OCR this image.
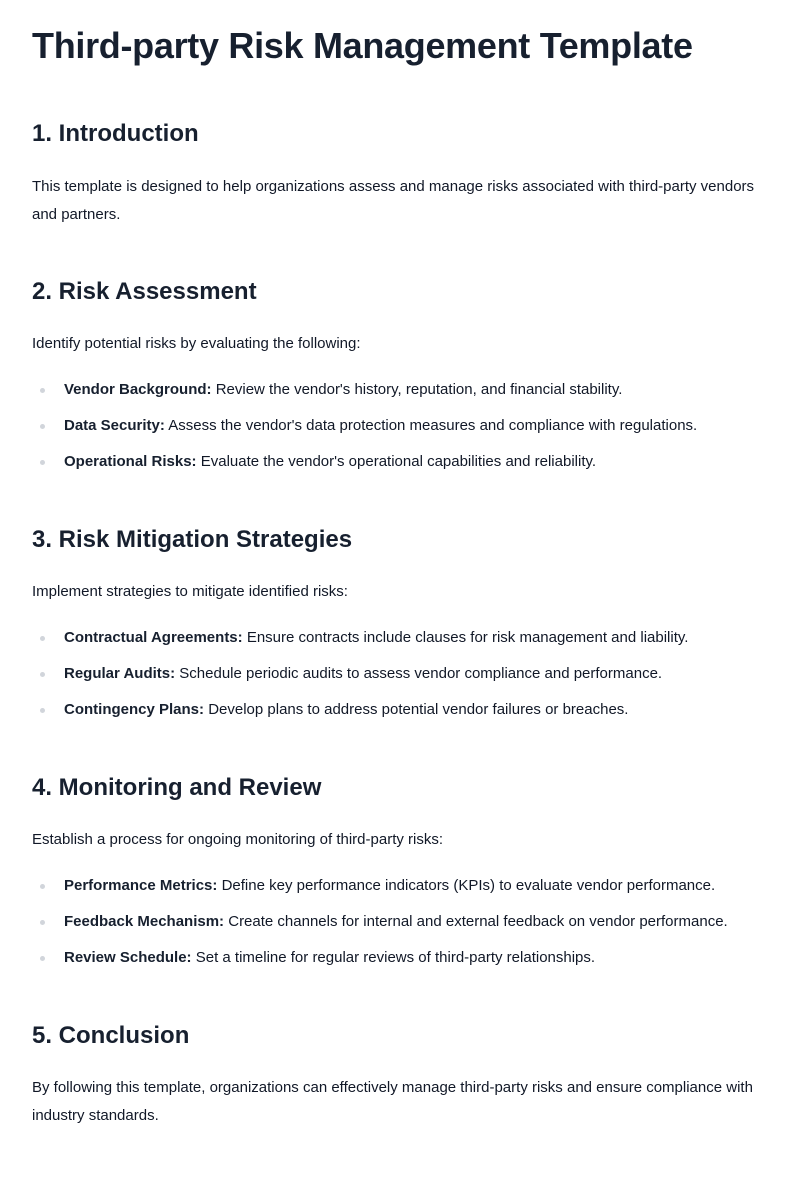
Third-party Risk Management Template
1. Introduction

This template is designed to help organizations assess and manage risks associated with third-party vendors and partners.

2. Risk Assessment

Identify potential risks by evaluating the following:

Vendor Background: Review the vendor's history, reputation, and financial stability.
Data Security: Assess the vendor's data protection measures and compliance with regulations.
Operational Risks: Evaluate the vendor's operational capabilities and reliability.
3. Risk Mitigation Strategies

Implement strategies to mitigate identified risks:

Contractual Agreements: Ensure contracts include clauses for risk management and liability.
Regular Audits: Schedule periodic audits to assess vendor compliance and performance.
Contingency Plans: Develop plans to address potential vendor failures or breaches.
4. Monitoring and Review

Establish a process for ongoing monitoring of third-party risks:

Performance Metrics: Define key performance indicators (KPIs) to evaluate vendor performance.
Feedback Mechanism: Create channels for internal and external feedback on vendor performance.
Review Schedule: Set a timeline for regular reviews of third-party relationships.
5. Conclusion

By following this template, organizations can effectively manage third-party risks and ensure compliance with industry standards.
